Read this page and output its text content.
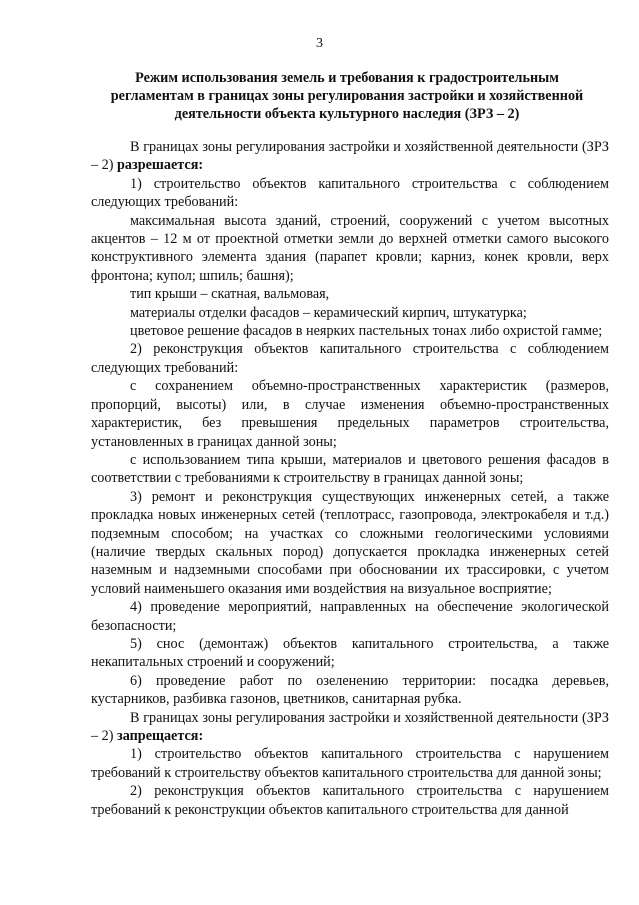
3
Режим использования земель и требования к градостроительным регламентам в границах зоны регулирования застройки и хозяйственной деятельности объекта культурного наследия (ЗРЗ – 2)

В границах зоны регулирования застройки и хозяйственной деятельности (ЗРЗ – 2) разрешается:

1) строительство объектов капитального строительства с соблюдением следующих требований:

максимальная высота зданий, строений, сооружений с учетом высотных акцентов – 12 м от проектной отметки земли до верхней отметки самого высокого конструктивного элемента здания (парапет кровли; карниз, конек кровли, верх фронтона; купол; шпиль; башня);

тип крыши – скатная, вальмовая,

материалы отделки фасадов – керамический кирпич, штукатурка;

цветовое решение фасадов в неярких пастельных тонах либо охристой гамме;

2) реконструкция объектов капитального строительства с соблюдением следующих требований:

с сохранением объемно-пространственных характеристик (размеров, пропорций, высоты) или, в случае изменения объемно-пространственных характеристик, без превышения предельных параметров строительства, установленных в границах данной зоны;

с использованием типа крыши, материалов и цветового решения фасадов в соответствии с требованиями к строительству в границах данной зоны;

3) ремонт и реконструкция существующих инженерных сетей, а также прокладка новых инженерных сетей (теплотрасс, газопровода, электрокабеля и т.д.) подземным способом; на участках со сложными геологическими условиями (наличие твердых скальных пород) допускается прокладка инженерных сетей наземным и надземными способами при обосновании их трассировки, с учетом условий наименьшего оказания ими воздействия на визуальное восприятие;

4) проведение мероприятий, направленных на обеспечение экологической безопасности;

5) снос (демонтаж) объектов капитального строительства, а также некапитальных строений и сооружений;

6) проведение работ по озеленению территории: посадка деревьев, кустарников, разбивка газонов, цветников, санитарная рубка.

В границах зоны регулирования застройки и хозяйственной деятельности (ЗРЗ – 2) запрещается:

1) строительство объектов капитального строительства с нарушением требований к строительству объектов капитального строительства для данной зоны;

2) реконструкция объектов капитального строительства с нарушением требований к реконструкции объектов капитального строительства для данной
